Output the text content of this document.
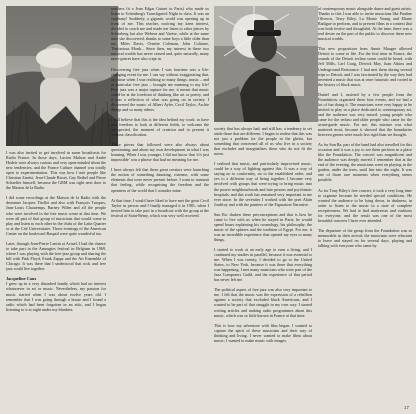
I was also invited to get involved in some broadcasts for Radio France. In those days, Lucien Malson and André Hodeir were always curious and very open-minded about the new tendencies, and the France Culture channel was totally open to experimentation. This was how I met people like Christian Zanési, Jean-Claude Risset, Guy Reibel and Pierre Schaeffer himself, because the GRM was right next door to the Maison de la Radio.

I did some recordings at the Maison de la Radio with the drummer Jacques Thollot and also with François Tusques, Jean-Louis Chautemps, Barney Wilen and all the people who were involved in the free music scene at that time. We were all part of that group of musicians that would come to play and listen to each other in the clubs of the Latin Quarter or at the Cité Universitaire. Those evenings of the American Center on the boulevard Raspail were quite wonderful too.

Later, through Jean-Pierre Lentin at Actuel, I had the chance to take part in the Amougies festival in Belgium in 1969, where I was playing with the free-jazz group and sharing the bill with Pink Floyd, Frank Zappa and the Art Ensemble of Chicago. It was there that I understood that rock and free jazz could live together.

Jacqueline Caux

I grew up in a very disturbed family which had no interest whatsoever in art or music. Nevertheless, my passion for music started when I was about twelve years old. I remember that I was going through a house and I found a radio which had been forgotten in an attic, and I began listening to it at night under my blankets.

teachers fit a Jean Edgar Guinet in Paris) who made us listen to Schönberg's Transfigured Night in class. It was an epiphany! Suddenly, a gigantic world was opening up in front of me. This teacher, noticing my keen interest, decided to coach me and made me listen to other pieces by Schönberg but also Webern and Varèse, while at the same time she discovered, thanks to some boys a little older than me, Miles Davis, Ornette Coleman, John Coltrane, Thelonious Monk... Since then, my interest in these two musical worlds has never ceased and, quite naturally, many more genres have also crept in.

Discovering free jazz when I was fourteen was a life-changing event for me. I can say without exaggerating that, at a time when I was realising so many things, music – and in particular free jazz – brought me meaning to my life! Free jazz was a major rupture for me, it meant that music could be at the forefront of thinking like art or poetry, and it was a reflection of what was going on in society. I discovered the music of Albert Ayler, Cecil Taylor, Archie Shepp and so many others.

I still believe that this is the idea behind my work: to have that freedom to look at different fields, to welcome the unexpected, the moment of creation and to present it without classification.

These pieces that followed were also always about questioning, and about my own development in what I was learning. When I was younger, I did not know that ‘it's just impossible’ was a phrase that had no meaning for me.

I have always felt that these great creators were launching the notion of something daunting, extreme, with some elements that were never present before. I want to transmit that feeling, while recognising the freedom and the openness of the world that I consider mine.

At that time, I would have liked to have met the great Cecil Taylor in person and I finally managed it in 1981, when I invited him to take part in a broadcast with the group at the festival of Saint-Rémy, which was very well received.

society that has always had, and still has, a tendency to set aside those that are different. I began to realise that this was not just a problem for the people in the ghetto, but something that concerned all of us who live in a society that excludes and marginalises those who do not fit the norm.

I realised that music, and particularly improvised music, could be a way of fighting against this. It was a way of saying no to conformity, no to the established order, and yes to a different way of being together. I became very involved with groups that were trying to bring music into the poorer neighbourhoods and into prisons and psychiatric hospitals, and this work has remained very important to me ever since. In the seventies I worked with the poet Alain Jouffroy and with the painters of the Figuration Narrative.

Sun Ra: shaken these preconceptions and that is how he came to live with us when he stayed in Paris; he would spend hours explaining his cosmology, his philosophy, the music of the spheres and the tradition of Egypt. For me, it was an incredible experience that opened my eyes to many things.

I started to work at an early age to earn a living, and I continued my studies in parallel, because it was essential to me. When I was twenty, I decided to go to the United States, to New York, because it was there that everything was happening. I met many musicians who were part of the Jazz Composers Guild, and the experience of that period has never left me.

The political aspect of free jazz was also very important to me. I felt that the music was the expression of a rebellion against a society that excluded black Americans, and I wanted to be part of that struggle in my own way. I started writing articles and making radio programmes about this music, which was so little known in France at that time.

This is how my adventure with film began. I wanted to capture the spirit of these musicians and their way of thinking and living. I never wanted to make films about music; I wanted to make music with images.

of contemporary music alongside dance and guest artists. Thanks to this I was able to invite musicians like Pauline Oliveros, Terry Riley, La Monte Young and Eliane Radigue to perform, and to present films in a context that was both festive and thoughtful. At the time, there was a real desire on the part of the public to discover these new musical worlds.

This new proposition from Annie Mauger allowed Detroit to come to life. For the first time in France, the sounds of the Detroit techno scene could be heard, with Jeff Mills, Carl Craig, Derrick May, Juan Atkins and Underground Resistance. I had met them during several trips to Detroit, and I was fascinated by the way they had invented a music that was at once futuristic and rooted in the history of black music.

Daniel and I, assisted by a few people from the Foundation, organised these four events, and we had a lot of fun doing it. The musicians were very happy to be invited to play in a place dedicated to contemporary art, and the audience was very mixed: young people who came for the techno and older people who came for the avant-garde music. For me, this mixture was what mattered most, because it showed that the boundaries between genres were much less rigid than we thought.

As for Sun Ra, part of the band had also travelled for this occasion and it was a joy to see them perform in a place like the Foundation. The concert was magnificent and the audience was deeply moved. I remember that at the end of the evening, the musicians went on playing in the garden, under the trees, until late into the night. It was one of those rare moments when everything seems possible.

As for Tony Riley's free concert, it took a very long time to organise because he needed special conditions. He wanted the audience to be lying down, in darkness, in order to listen to the music in a state of complete receptiveness. We had to find mattresses and cushions for everyone, and the result was one of the most beautiful concerts I have ever attended.

The departure of the group from the Foundation was as memorable as their arrival; the musicians were reluctant to leave and stayed on for several days, playing and talking with everyone who came by.

17
